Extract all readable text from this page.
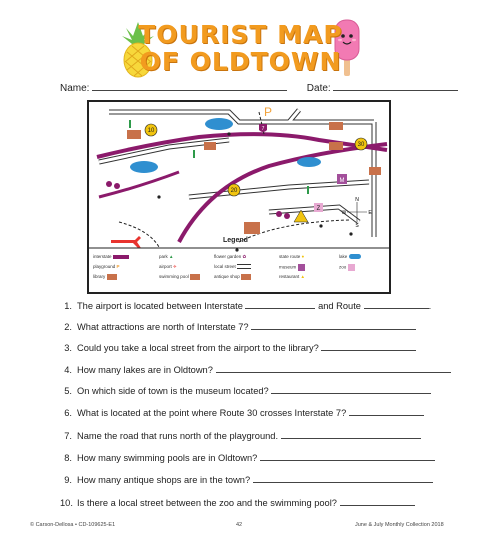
TOURIST MAP
OF OLDTOWN
Name:	Date:
10
30
20
7
M
Z
P
N
S
W	E
Legend
interstate	park ▲	flower garden ✿	state route ●	lake
playground P	airport ✈	local street	museum	zoo
library	swimming pool	antique shop	restaurant ▲
1. The airport is located between Interstate	and Route	.
2. What attractions are north of Interstate 7?
3. Could you take a local street from the airport to the library?
4. How many lakes are in Oldtown?
5. On which side of town is the museum located?
6. What is located at the point where Route 30 crosses Interstate 7?
7. Name the road that runs north of the playground.
8. How many swimming pools are in Oldtown?
9. How many antique shops are in the town?
10. Is there a local street between the zoo and the swimming pool?
© Carson-Dellosa • CD-109625-E1	42	June & July Monthly Collection 2018
